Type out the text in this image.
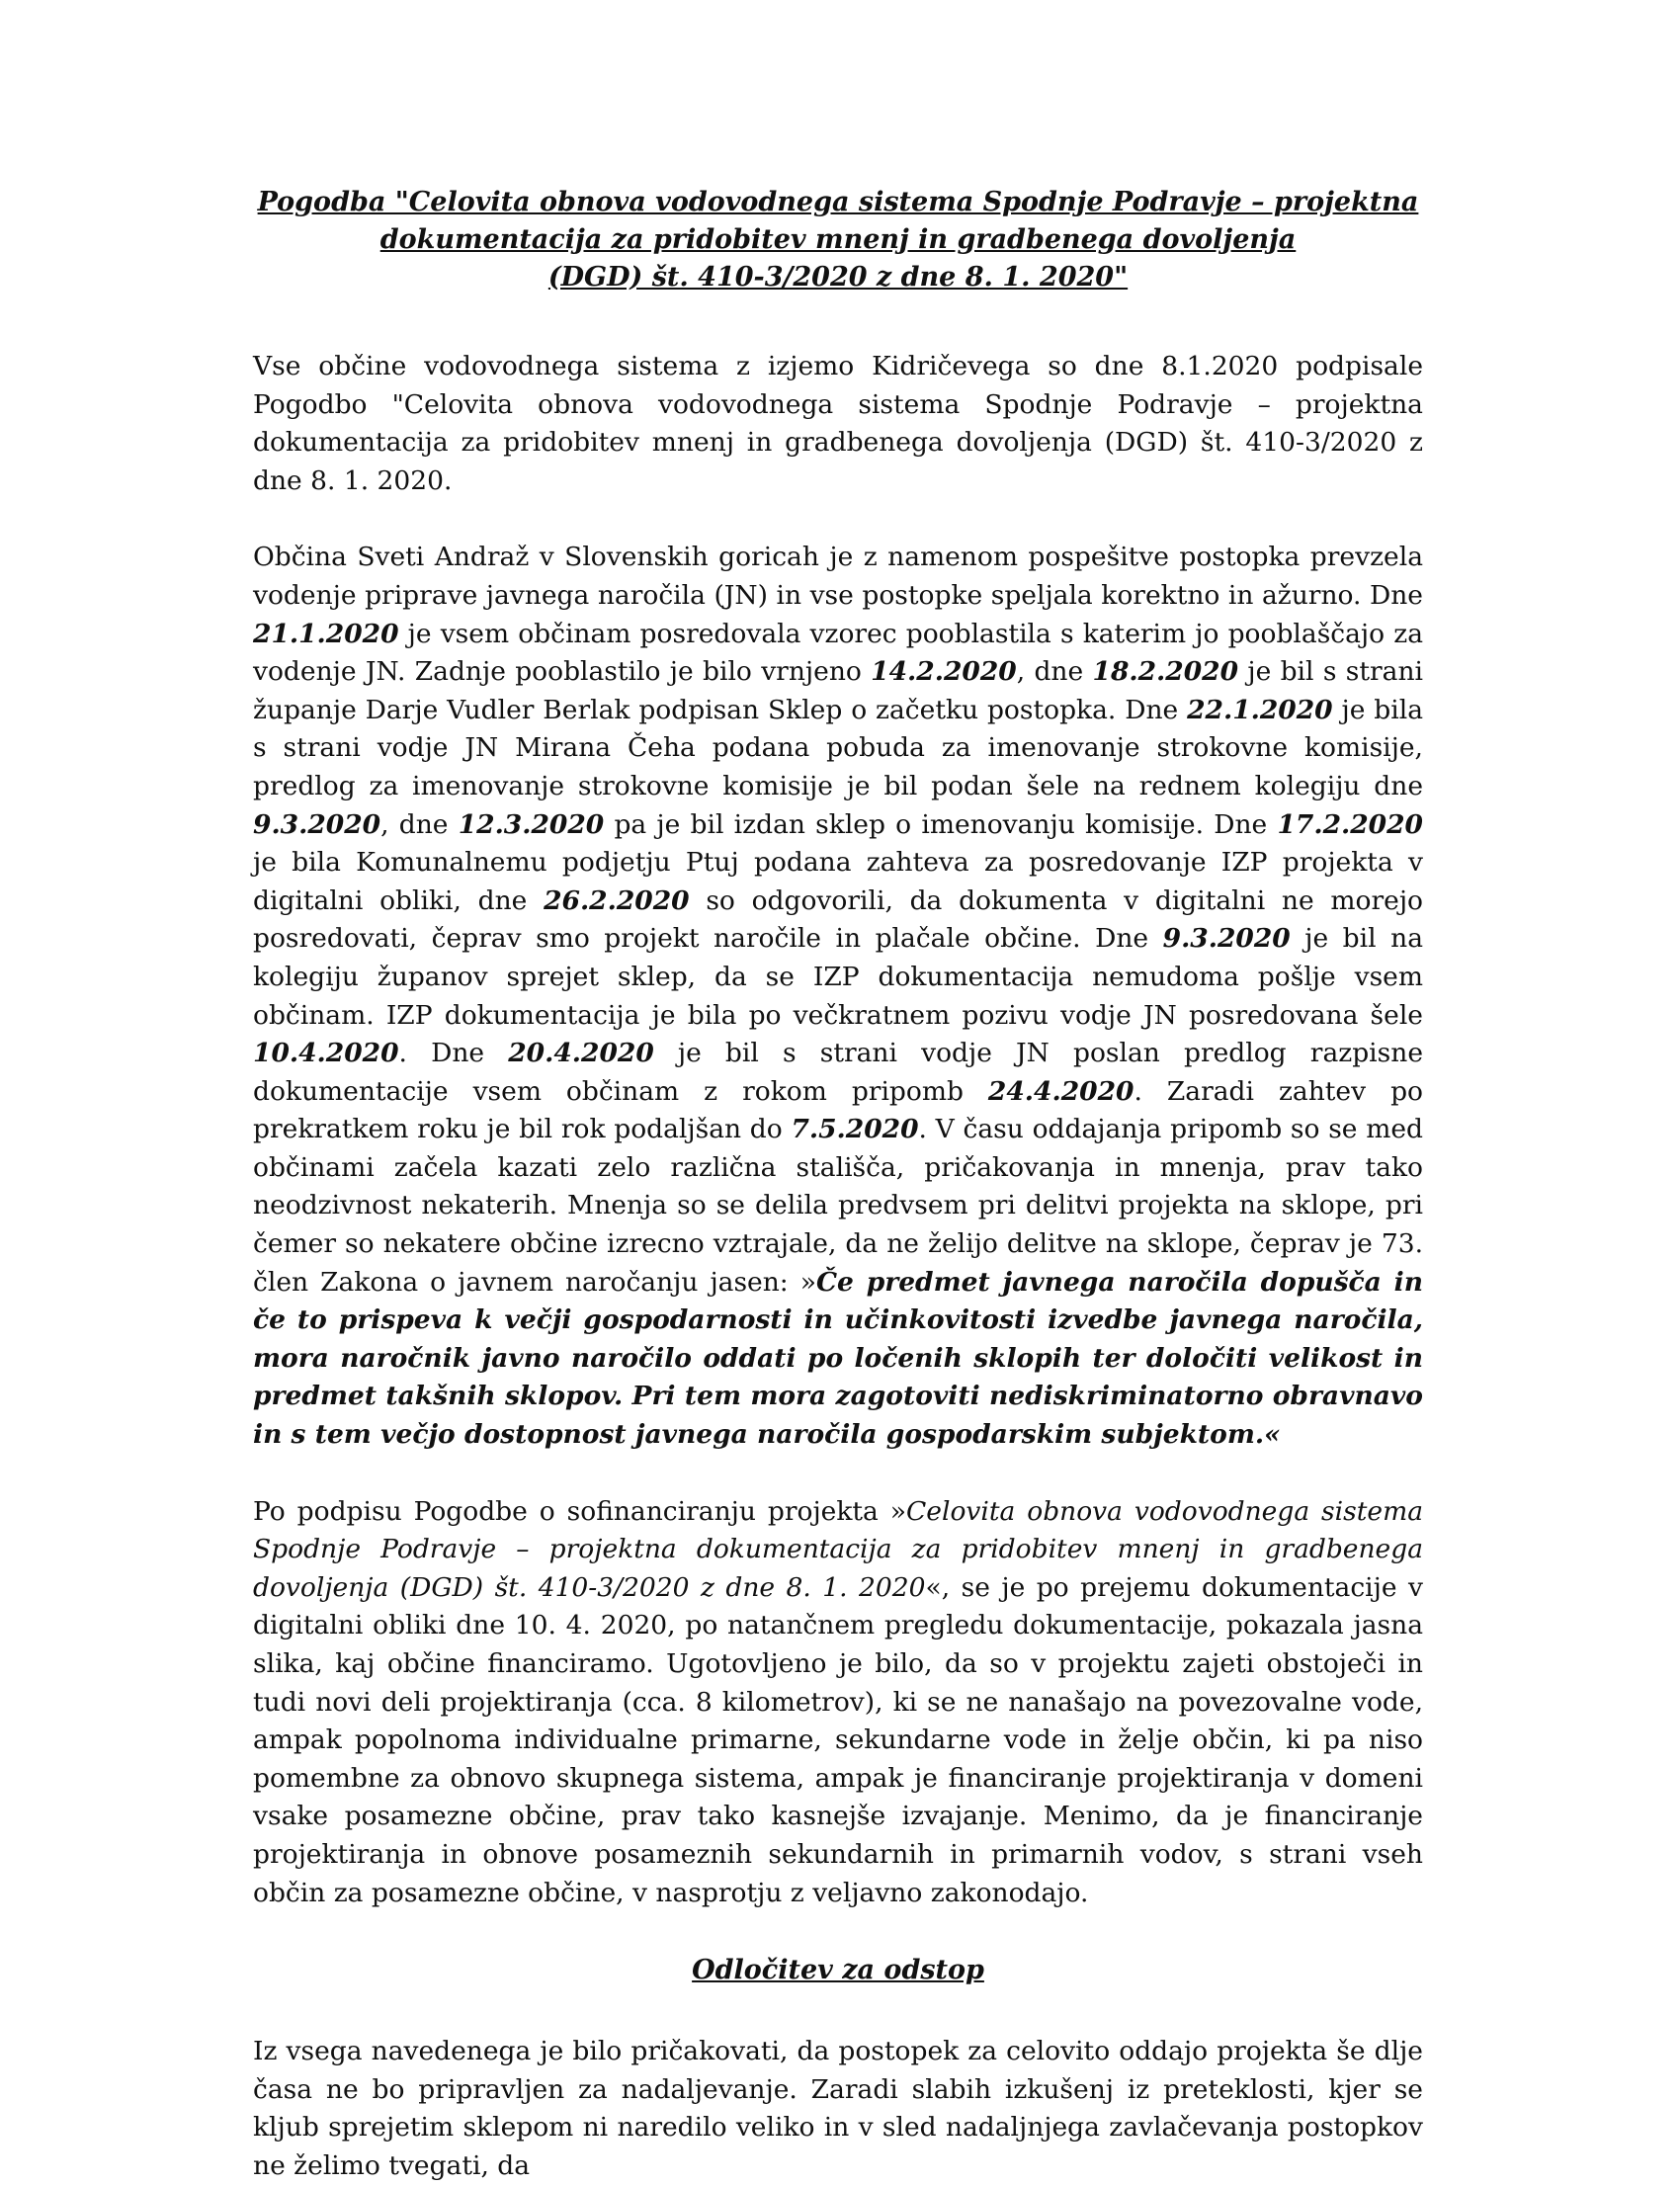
Pogodba "Celovita obnova vodovodnega sistema Spodnje Podravje – projektna
dokumentacija za pridobitev mnenj in gradbenega dovoljenja
(DGD) št. 410-3/2020 z dne 8. 1. 2020"

Vse občine vodovodnega sistema z izjemo Kidričevega so dne 8.1.2020 podpisale Pogodbo "Celovita obnova vodovodnega sistema Spodnje Podravje – projektna dokumentacija za pridobitev mnenj in gradbenega dovoljenja (DGD) št. 410-3/2020 z dne 8. 1. 2020.

Občina Sveti Andraž v Slovenskih goricah je z namenom pospešitve postopka prevzela vodenje priprave javnega naročila (JN) in vse postopke speljala korektno in ažurno. Dne 21.1.2020 je vsem občinam posredovala vzorec pooblastila s katerim jo pooblaščajo za vodenje JN. Zadnje pooblastilo je bilo vrnjeno 14.2.2020, dne 18.2.2020 je bil s strani županje Darje Vudler Berlak podpisan Sklep o začetku postopka. Dne 22.1.2020 je bila s strani vodje JN Mirana Čeha podana pobuda za imenovanje strokovne komisije, predlog za imenovanje strokovne komisije je bil podan šele na rednem kolegiju dne 9.3.2020, dne 12.3.2020 pa je bil izdan sklep o imenovanju komisije. Dne 17.2.2020 je bila Komunalnemu podjetju Ptuj podana zahteva za posredovanje IZP projekta v digitalni obliki, dne 26.2.2020 so odgovorili, da dokumenta v digitalni ne morejo posredovati, čeprav smo projekt naročile in plačale občine. Dne 9.3.2020 je bil na kolegiju županov sprejet sklep, da se IZP dokumentacija nemudoma pošlje vsem občinam. IZP dokumentacija je bila po večkratnem pozivu vodje JN posredovana šele 10.4.2020. Dne 20.4.2020 je bil s strani vodje JN poslan predlog razpisne dokumentacije vsem občinam z rokom pripomb 24.4.2020. Zaradi zahtev po prekratkem roku je bil rok podaljšan do 7.5.2020. V času oddajanja pripomb so se med občinami začela kazati zelo različna stališča, pričakovanja in mnenja, prav tako neodzivnost nekaterih. Mnenja so se delila predvsem pri delitvi projekta na sklope, pri čemer so nekatere občine izrecno vztrajale, da ne želijo delitve na sklope, čeprav je 73. člen Zakona o javnem naročanju jasen: »Če predmet javnega naročila dopušča in če to prispeva k večji gospodarnosti in učinkovitosti izvedbe javnega naročila, mora naročnik javno naročilo oddati po ločenih sklopih ter določiti velikost in predmet takšnih sklopov. Pri tem mora zagotoviti nediskriminatorno obravnavo in s tem večjo dostopnost javnega naročila gospodarskim subjektom.«

Po podpisu Pogodbe o sofinanciranju projekta »Celovita obnova vodovodnega sistema Spodnje Podravje – projektna dokumentacija za pridobitev mnenj in gradbenega dovoljenja (DGD) št. 410-3/2020 z dne 8. 1. 2020«, se je po prejemu dokumentacije v digitalni obliki dne 10. 4. 2020, po natančnem pregledu dokumentacije, pokazala jasna slika, kaj občine financiramo. Ugotovljeno je bilo, da so v projektu zajeti obstoječi in tudi novi deli projektiranja (cca. 8 kilometrov), ki se ne nanašajo na povezovalne vode, ampak popolnoma individualne primarne, sekundarne vode in želje občin, ki pa niso pomembne za obnovo skupnega sistema, ampak je financiranje projektiranja v domeni vsake posamezne občine, prav tako kasnejše izvajanje. Menimo, da je financiranje projektiranja in obnove posameznih sekundarnih in primarnih vodov, s strani vseh občin za posamezne občine, v nasprotju z veljavno zakonodajo.

Odločitev za odstop

Iz vsega navedenega je bilo pričakovati, da postopek za celovito oddajo projekta še dlje časa ne bo pripravljen za nadaljevanje. Zaradi slabih izkušenj iz preteklosti, kjer se kljub sprejetim sklepom ni naredilo veliko in v sled nadaljnjega zavlačevanja postopkov ne želimo tvegati, da
